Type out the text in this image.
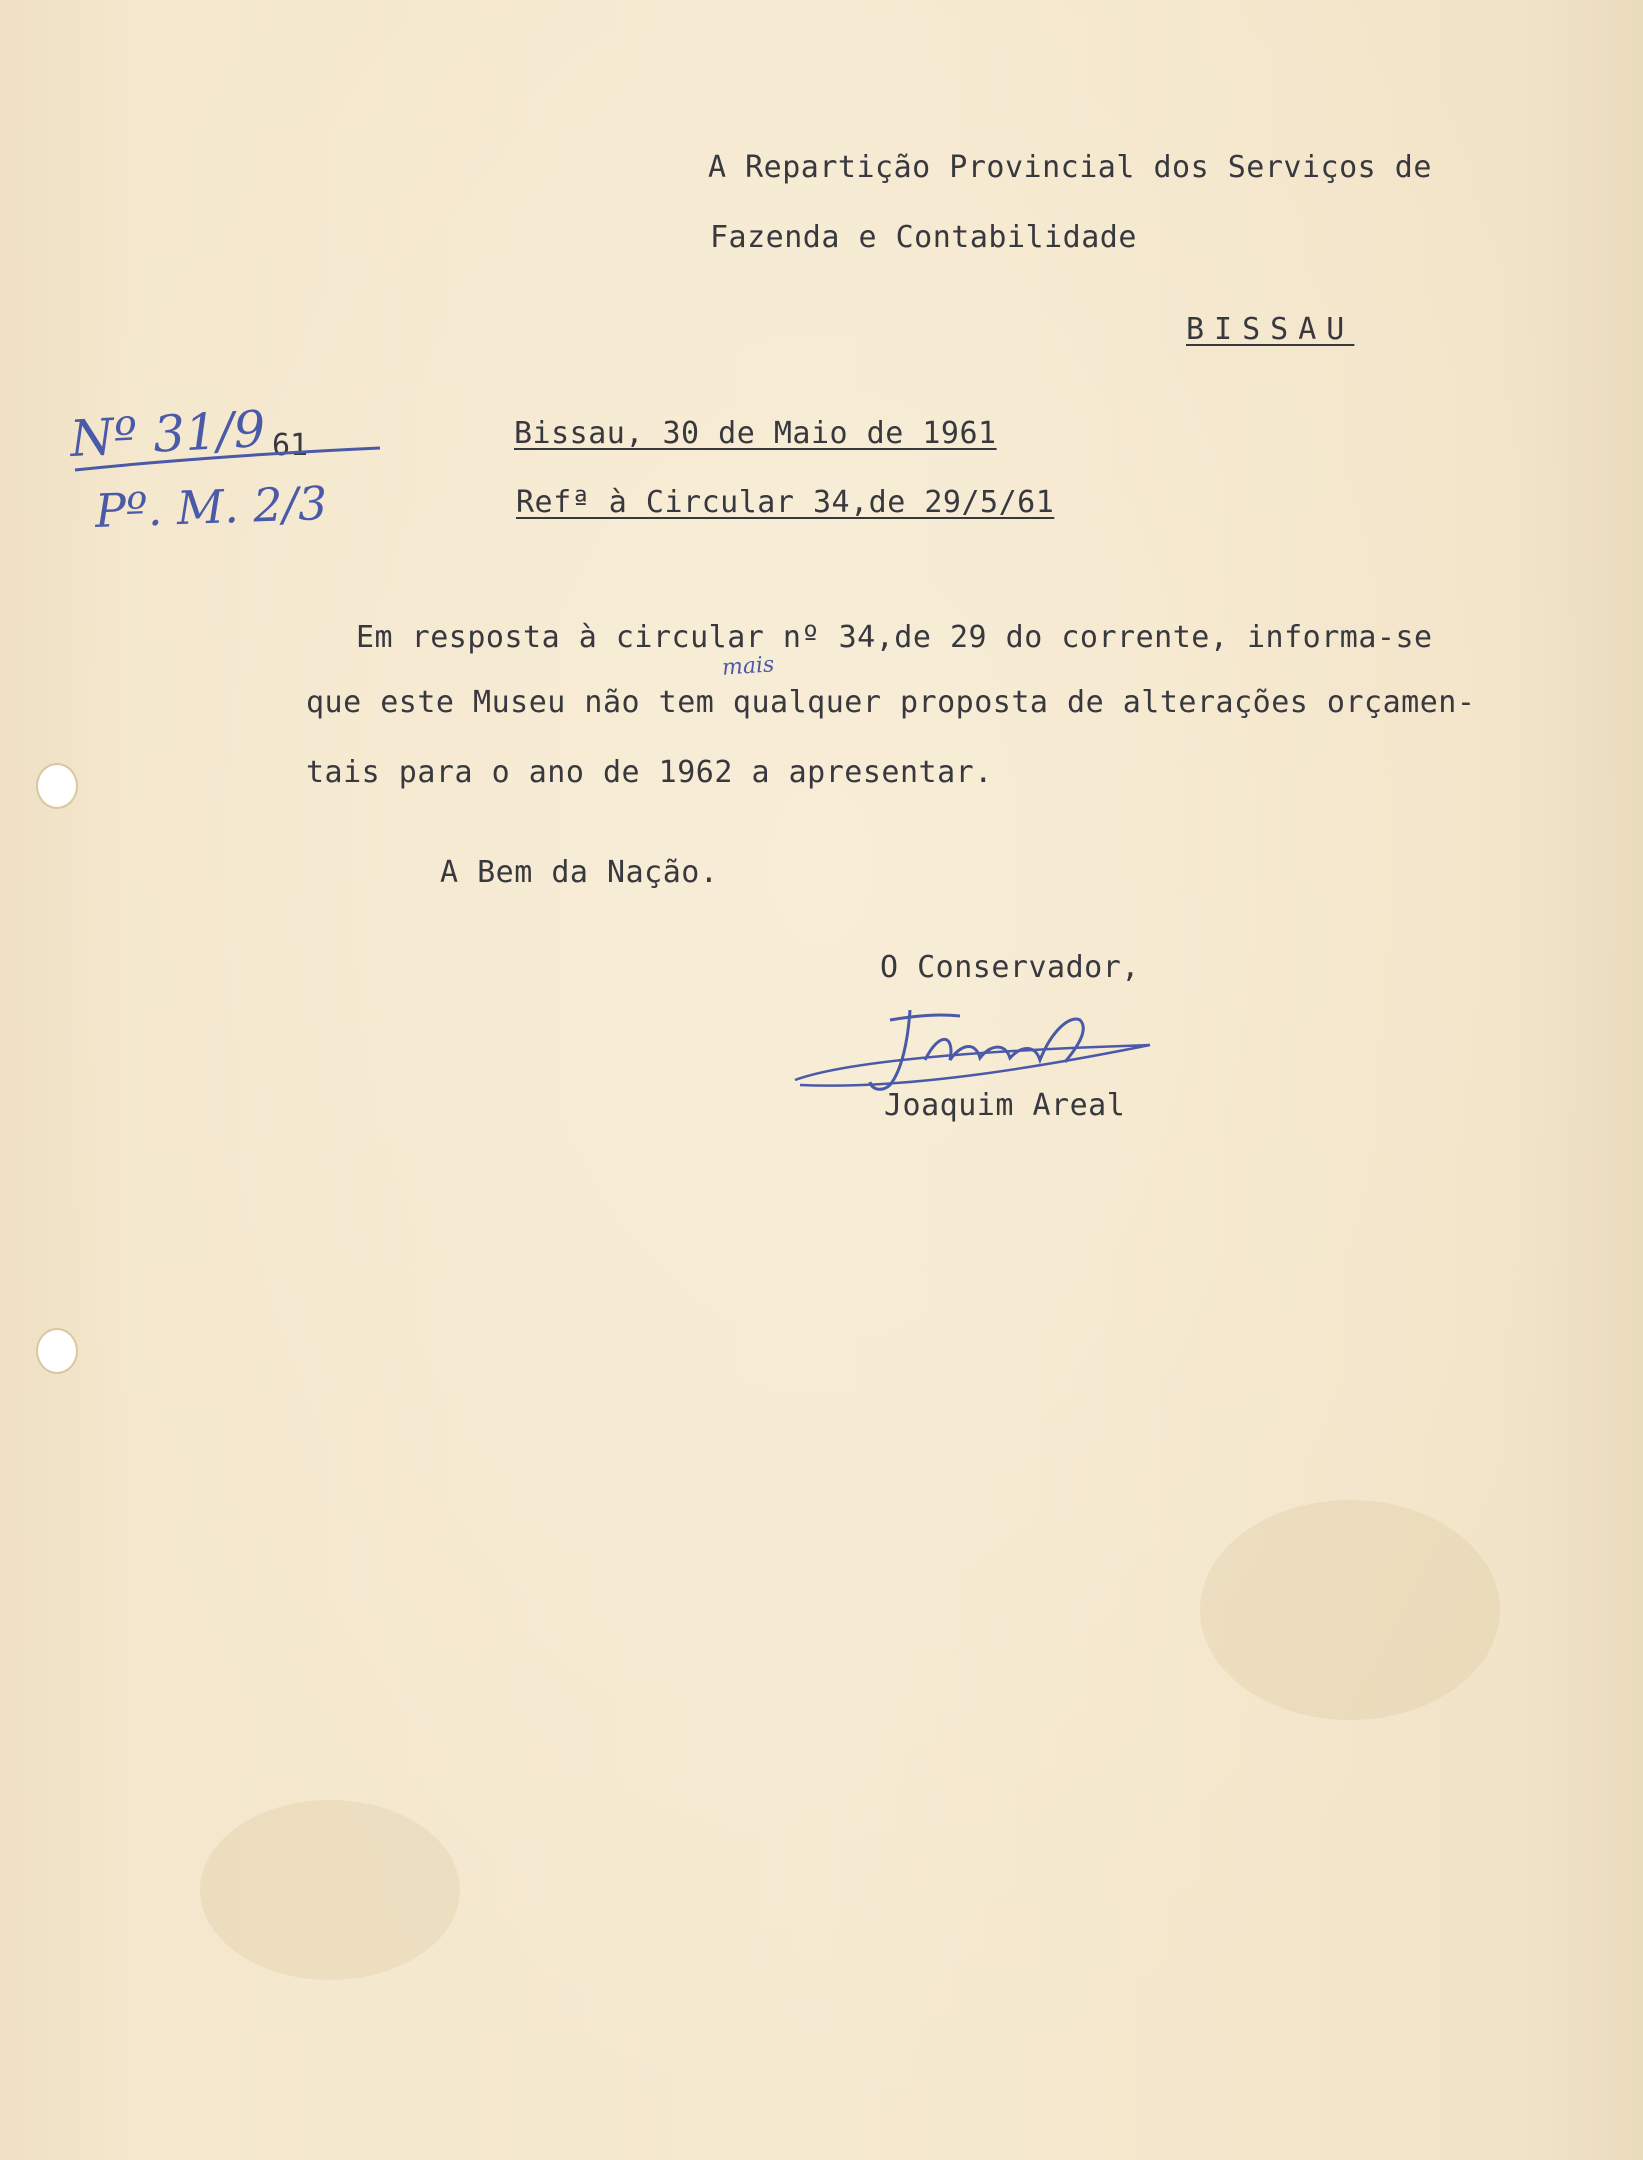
A Repartição Provincial dos Serviços de
Fazenda e Contabilidade
BISSAU
Nº 31/9 61
Pº. M. 2/3
Bissau, 30 de Maio de 1961
Refª à Circular 34,de 29/5/61
mais
Em resposta à circular nº 34,de 29 do corrente, informa-se
que este Museu não tem qualquer proposta de alterações orçamen-
tais para o ano de 1962 a apresentar.
A Bem da Nação.
O Conservador,
Joaquim Areal
